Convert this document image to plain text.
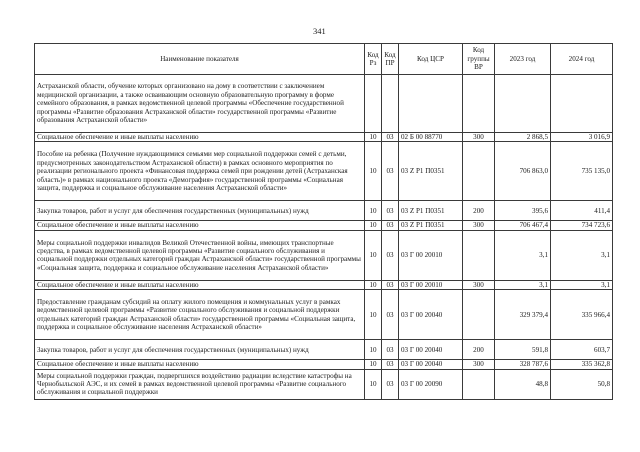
341
Наименование показателя	Код Рз	Код ПР	Код ЦСР	Код группы ВР	2023 год	2024 год
Астраханской области, обучение которых организовано на дому в соответствии с заключением медицинской организации, а также осваивающим основную образовательную программу в форме семейного образования, в рамках ведомственной целевой программы «Обеспечение государственной программы «Развитие образования Астраханской области» государственной программы «Развитие образования Астраханской области»						
Социальное обеспечение и иные выплаты населению	10	03	02 Б 00 88770	300	2 868,5	3 016,9
Пособие на ребенка (Получение нуждающимися семьями мер социальной поддержки семей с детьми, предусмотренных законодательством Астраханской области) в рамках основного мероприятия по реализации регионального проекта «Финансовая поддержка семей при рождении детей (Астраханская область)» в рамках национального проекта «Демография» государственной программы «Социальная защита, поддержка и социальное обслуживание населения Астраханской области»	10	03	03 Z P1 П0351		706 863,0	735 135,0
Закупка товаров, работ и услуг для обеспечения государственных (муниципальных) нужд	10	03	03 Z P1 П0351	200	395,6	411,4
Социальное обеспечение и иные выплаты населению	10	03	03 Z P1 П0351	300	706 467,4	734 723,6
Меры социальной поддержки инвалидов Великой Отечественной войны, имеющих транспортные средства, в рамках ведомственной целевой программы «Развитие социального обслуживания и социальной поддержки отдельных категорий граждан Астраханской области» государственной программы «Социальная защита, поддержка и социальное обслуживание населения Астраханской области»	10	03	03 Г 00 20010		3,1	3,1
Социальное обеспечение и иные выплаты населению	10	03	03 Г 00 20010	300	3,1	3,1
Предоставление гражданам субсидий на оплату жилого помещения и коммунальных услуг в рамках ведомственной целевой программы «Развитие социального обслуживания и социальной поддержки отдельных категорий граждан Астраханской области» государственной программы «Социальная защита, поддержка и социальное обслуживание населения Астраханской области»	10	03	03 Г 00 20040		329 379,4	335 966,4
Закупка товаров, работ и услуг для обеспечения государственных (муниципальных) нужд	10	03	03 Г 00 20040	200	591,8	603,7
Социальное обеспечение и иные выплаты населению	10	03	03 Г 00 20040	300	328 787,6	335 362,8
Меры социальной поддержки граждан, подвергшихся воздействию радиации вследствие катастрофы на Чернобыльской АЭС, и их семей в рамках ведомственной целевой программы «Развитие социального обслуживания и социальной поддержки	10	03	03 Г 00 20090		48,8	50,8
